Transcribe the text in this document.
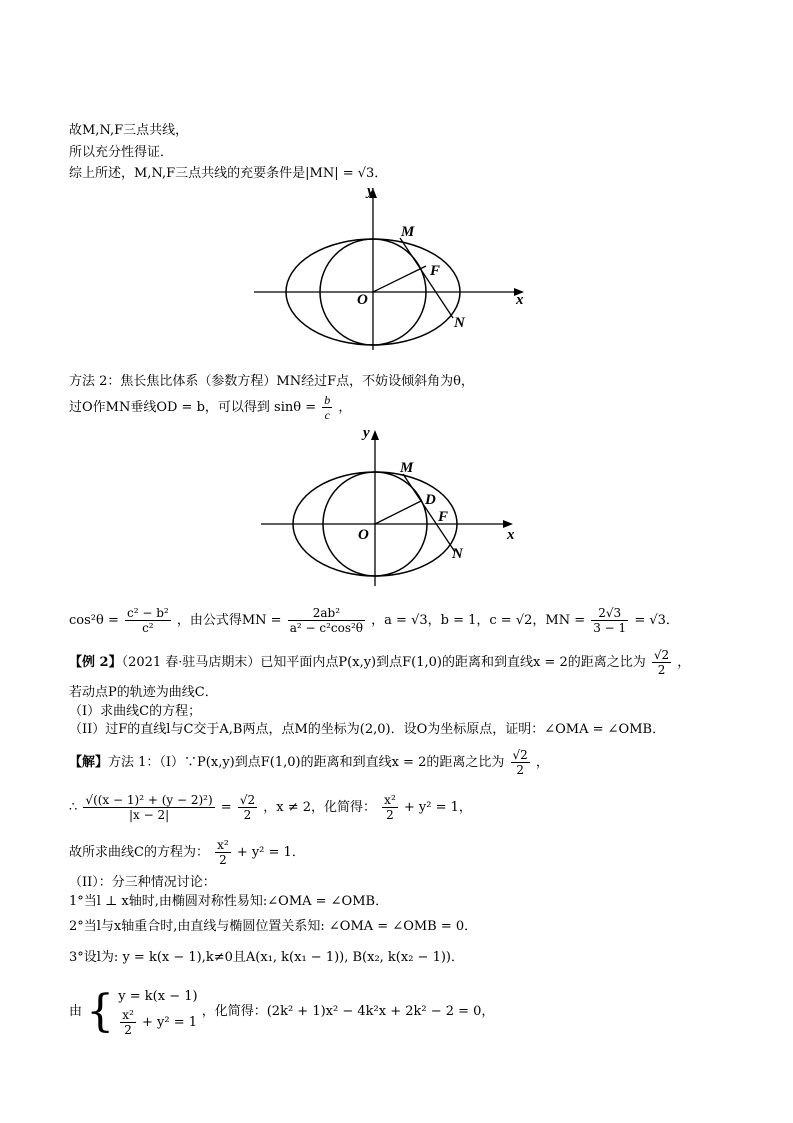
故M,N,F三点共线，
所以充分性得证．
综上所述，M,N,F三点共线的充要条件是|MN| = √3．
y
x
O
M
F
N
方法 2：焦长焦比体系（参数方程）MN经过F点，不妨设倾斜角为θ，
过O作MN垂线OD = b，可以得到 $\sin\theta = \frac{b}{c}$ ，
y
x
O
M
D
F
N
$\cos^2\theta = \frac{\text{c² − b²}}{\text{c²}}$ ，由公式得MN = $\frac{\text{2ab²}}{\text{a² − c²cos²θ}}$ ，a = √3，b = 1，c = √2，MN = $\frac{2√3}{3 - 1} = √3$．
【例 2】（2021 春·驻马店期末）已知平面内点P(x,y)到点F(1,0)的距离和到直线x = 2的距离之比为 $\frac{√2}{2}$ ，
若动点P的轨迹为曲线C．
（I）求曲线C的方程；
（II）过F的直线l与C交于A,B两点，点M的坐标为(2,0)．设O为坐标原点，证明：∠OMA = ∠OMB．
【解】方法 1：（I）∵P(x,y)到点F(1,0)的距离和到直线x = 2的距离之比为 $\frac{√2}{2}$ ，
∴ $\frac{\text{√((x − 1)² + (y − 2)²)}}{|x - 2|} = \frac{√2}{2}$ ，x ≠ 2，化简得： $\frac{\text{x²}}{2} + y^2 = 1$，
故所求曲线C的方程为： $\frac{\text{x²}}{2} + y^2 = 1$．
（II）：分三种情况讨论：
1°当l ⊥ x轴时,由椭圆对称性易知:∠OMA = ∠OMB．
2°当l与x轴重合时,由直线与椭圆位置关系知: ∠OMA = ∠OMB = 0．
3°设l为: y = k(x − 1),k≠0且A(x₁, k(x₁ − 1)), B(x₂, k(x₂ − 1))．
由 { y = k(x − 1)
$\frac{\text{x²}}{2} + y^2 = 1$
，化简得：(2k² + 1)x² − 4k²x + 2k² − 2 = 0，
